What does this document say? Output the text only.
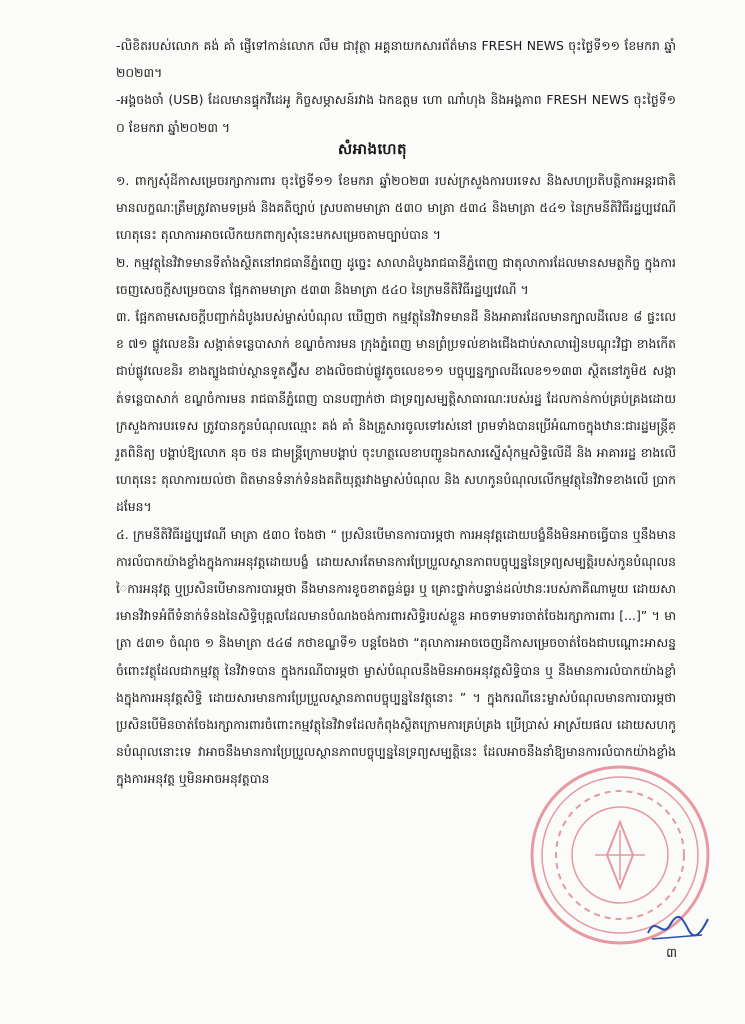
-លិខិតរបស់លោក គង់ គាំ ផ្ញើទៅកាន់លោក លឹម ជាវុត្ថា អគ្គនាយកសារព័ត៌មាន FRESH NEWS ចុះថ្ងៃទី១១ ខែមករា ឆ្នាំ២០២៣។

-អង្គចងចាំ (USB) ដែលមានផ្ទុកវីដេអូ កិច្ចសម្ភាសន៍រវាង ឯកឧត្តម ហោ ណាំហុង និងអង្គភាព FRESH NEWS ចុះថ្ងៃទី១០ ខែមករា ឆ្នាំ២០២៣ ។

សំអាងហេតុ

១. ពាក្យសុំដីកាសម្រេចរក្សាការពារ ចុះថ្ងៃទី១១ ខែមករា ឆ្នាំ២០២៣ របស់ក្រសួងការបរទេស និងសហប្រតិបត្តិការអន្តរជាតិ មានលក្ខណៈត្រឹមត្រូវតាមទម្រង់ និងគតិច្បាប់ ស្របតាមមាត្រា ៥៣០ មាត្រា ៥៣៤ និងមាត្រា ៥៤១ នៃក្រមនីតិវិធីរដ្ឋប្បវេណី ហេតុនេះ តុលាការអាចលើកយកពាក្យសុំនេះមកសម្រេចតាមច្បាប់បាន ។

២. កម្មវត្ថុនៃវិវាទមានទីតាំងស្ថិតនៅរាជធានីភ្នំពេញ ដូច្នេះ សាលាដំបូងរាជធានីភ្នំពេញ ជាតុលាការដែលមានសមត្ថកិច្ច ក្នុងការចេញសេចក្តីសម្រេចបាន ផ្អែកតាមមាត្រា ៥៣៣ និងមាត្រា ៥៤០ នៃក្រមនីតិវិធីរដ្ឋប្បវេណី ។

៣. ផ្អែកតាមសេចក្តីបញ្ជាក់ដំបូងរបស់ម្ចាស់បំណុល ឃើញថា កម្មវត្ថុនៃវិវាទមានដី និងអាគារដែលមានក្បាលដីលេខ ៨ ផ្ទះលេខ ៧១ ផ្លូវលេខនិរ សង្កាត់ទន្លេបាសាក់ ខណ្ឌចំការមន ក្រុងភ្នំពេញ មានព្រំប្រទល់ខាងជើងជាប់សាលារៀនបណ្ដុះវិជ្ជា ខាងកើតជាប់ផ្លូវលេខនិរ ខាងត្បូងជាប់ស្ថានទូតស្វ៊ីស ខាងលិចជាប់ផ្លូវតូចលេខ១១ បច្ចុប្បន្នក្បាលដីលេខ១១៣៣ ស្ថិតនៅភូមិ៥ សង្កាត់ទន្លេបាសាក់ ខណ្ឌចំការមន រាជធានីភ្នំពេញ បានបញ្ជាក់ថា ជាទ្រព្យសម្បត្តិសាធារណៈរបស់រដ្ឋ ដែលកាន់កាប់គ្រប់គ្រងដោយក្រសួងការបរទេស ត្រូវបានកូនបំណុលឈ្មោះ គង់ គាំ និងគ្រួសារចូលទៅរស់នៅ ព្រមទាំងបានប្រើអំណាចក្នុងឋានៈជារដ្ឋមន្ត្រីគ្រួតពិនិត្យ បង្គាប់ឱ្យលោក នុច ថន ជាមន្ត្រីក្រោមបង្គាប់ ចុះហត្ថលេខាបញ្ជូនឯកសារស្នើសុំកម្មសិទ្ធិលើដី និង អាគាររដ្ឋ ខាងលើ ហេតុនេះ តុលាការយល់ថា ពិតមានទំនាក់ទំនងគតិយុត្តរវាងម្ចាស់បំណុល និង សហកូនបំណុលលើកម្មវត្ថុនៃវិវាទខាងលើ ប្រាកដមែន។

៤. ក្រមនីតិវិធីរដ្ឋប្បវេណី មាត្រា ៥៣០ ចែងថា “ ប្រសិនបើមានការបារម្ភថា ការអនុវត្តដោយបង្ខំនឹងមិនអាចធ្វើបាន ឬនឹងមានការលំបាកយ៉ាងខ្លាំងក្នុងការអនុវត្តដោយបង្ខំ ដោយសារតែមានការប្រែប្រួលស្ថានភាពបច្ចុប្បន្ននៃទ្រព្យសម្បត្តិរបស់កូនបំណុលនៃការអនុវត្ត ឬប្រសិនបើមានការបារម្ភថា នឹងមានការខូចខាតធ្ងន់ធ្ងរ ឬ គ្រោះថ្នាក់បន្ទាន់ដល់ឋានៈរបស់ភាគីណាមួយ ដោយសារមានវិវាទអំពីទំនាក់ទំនងនៃសិទ្ធិបុគ្គលដែលមានបំណងចង់ការពារសិទ្ធិរបស់ខ្លួន អាចទាមទារចាត់ចែងរក្សាការពារ [...]” ។ មាត្រា ៥៣១ ចំណុច ១ និងមាត្រា ៥៤៨ កថាខណ្ឌទី១ បន្តចែងថា “តុលាការអាចចេញដីកាសម្រេចចាត់ចែងជាបណ្តោះអាសន្នចំពោះវត្ថុដែលជាកម្មវត្ថុ នៃវិវាទបាន ក្នុងករណីបារម្ភថា ម្ចាស់បំណុលនឹងមិនអាចអនុវត្តសិទ្ធិបាន ឬ នឹងមានការលំបាកយ៉ាងខ្លាំងក្នុងការអនុវត្តសិទ្ធិ ដោយសារមានការប្រែប្រួលស្ថានភាពបច្ចុប្បន្ននៃវត្ថុនោះ ” ។ ក្នុងករណីនេះម្ចាស់បំណុលមានការបារម្ភថា ប្រសិនបើមិនចាត់ចែងរក្សាការពារចំពោះកម្មវត្ថុនៃវិវាទដែលកំពុងស្ថិតក្រោមការគ្រប់គ្រង ប្រើប្រាស់ អាស្រ័យផល ដោយសហកូនបំណុលនោះទេ វាអាចនឹងមានការប្រែប្រួលស្ថានភាពបច្ចុប្បន្ននៃទ្រព្យសម្បត្តិនេះ ដែលអាចនឹងនាំឱ្យមានការលំបាកយ៉ាងខ្លាំងក្នុងការអនុវត្ត ឬមិនអាចអនុវត្តបាន

៣
